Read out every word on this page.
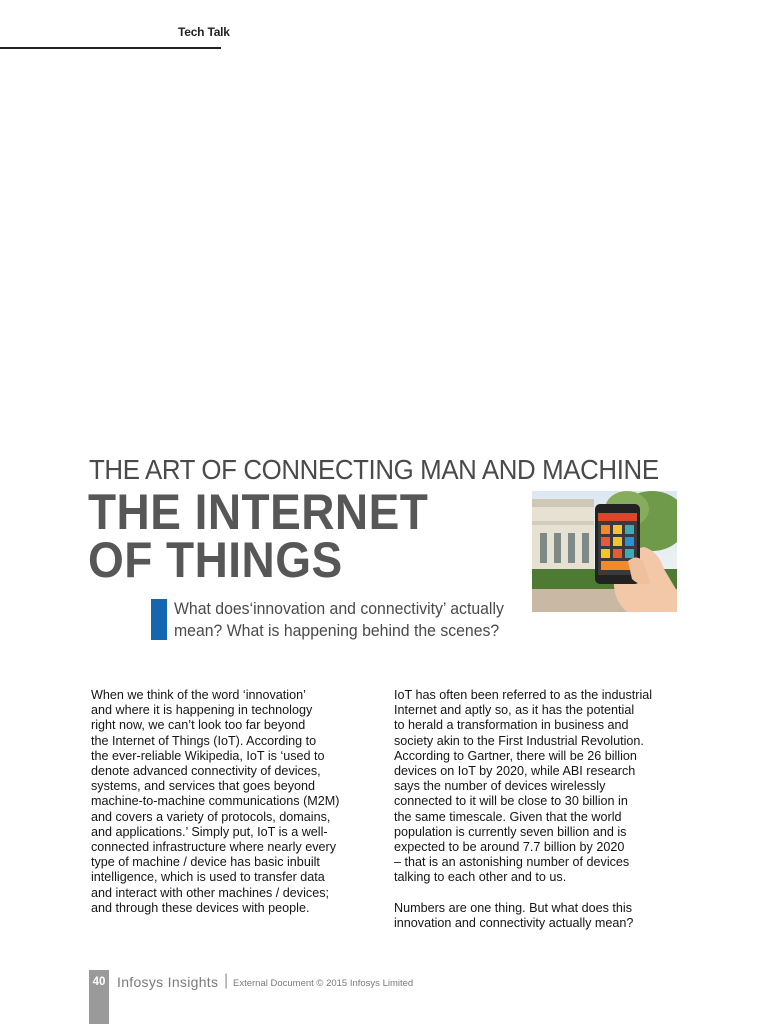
Tech Talk
THE ART OF CONNECTING MAN AND MACHINE
THE INTERNET
OF THINGS
What does‘innovation and connectivity’ actually
mean? What is happening behind the scenes?
When we think of the word ‘innovation’
and where it is happening in technology
right now, we can’t look too far beyond
the Internet of Things (IoT). According to
the ever-reliable Wikipedia, IoT is ‘used to
denote advanced connectivity of devices,
systems, and services that goes beyond
machine-to-machine communications (M2M)
and covers a variety of protocols, domains,
and applications.’ Simply put, IoT is a well-
connected infrastructure where nearly every
type of machine / device has basic inbuilt
intelligence, which is used to transfer data
and interact with other machines / devices;
and through these devices with people.
IoT has often been referred to as the industrial
Internet and aptly so, as it has the potential
to herald a transformation in business and
society akin to the First Industrial Revolution.
According to Gartner, there will be 26 billion
devices on IoT by 2020, while ABI research
says the number of devices wirelessly
connected to it will be close to 30 billion in
the same timescale. Given that the world
population is currently seven billion and is
expected to be around 7.7 billion by 2020
– that is an astonishing number of devices
talking to each other and to us.
Numbers are one thing. But what does this
innovation and connectivity actually mean?
40 Infosys Insights | External Document © 2015 Infosys Limited
